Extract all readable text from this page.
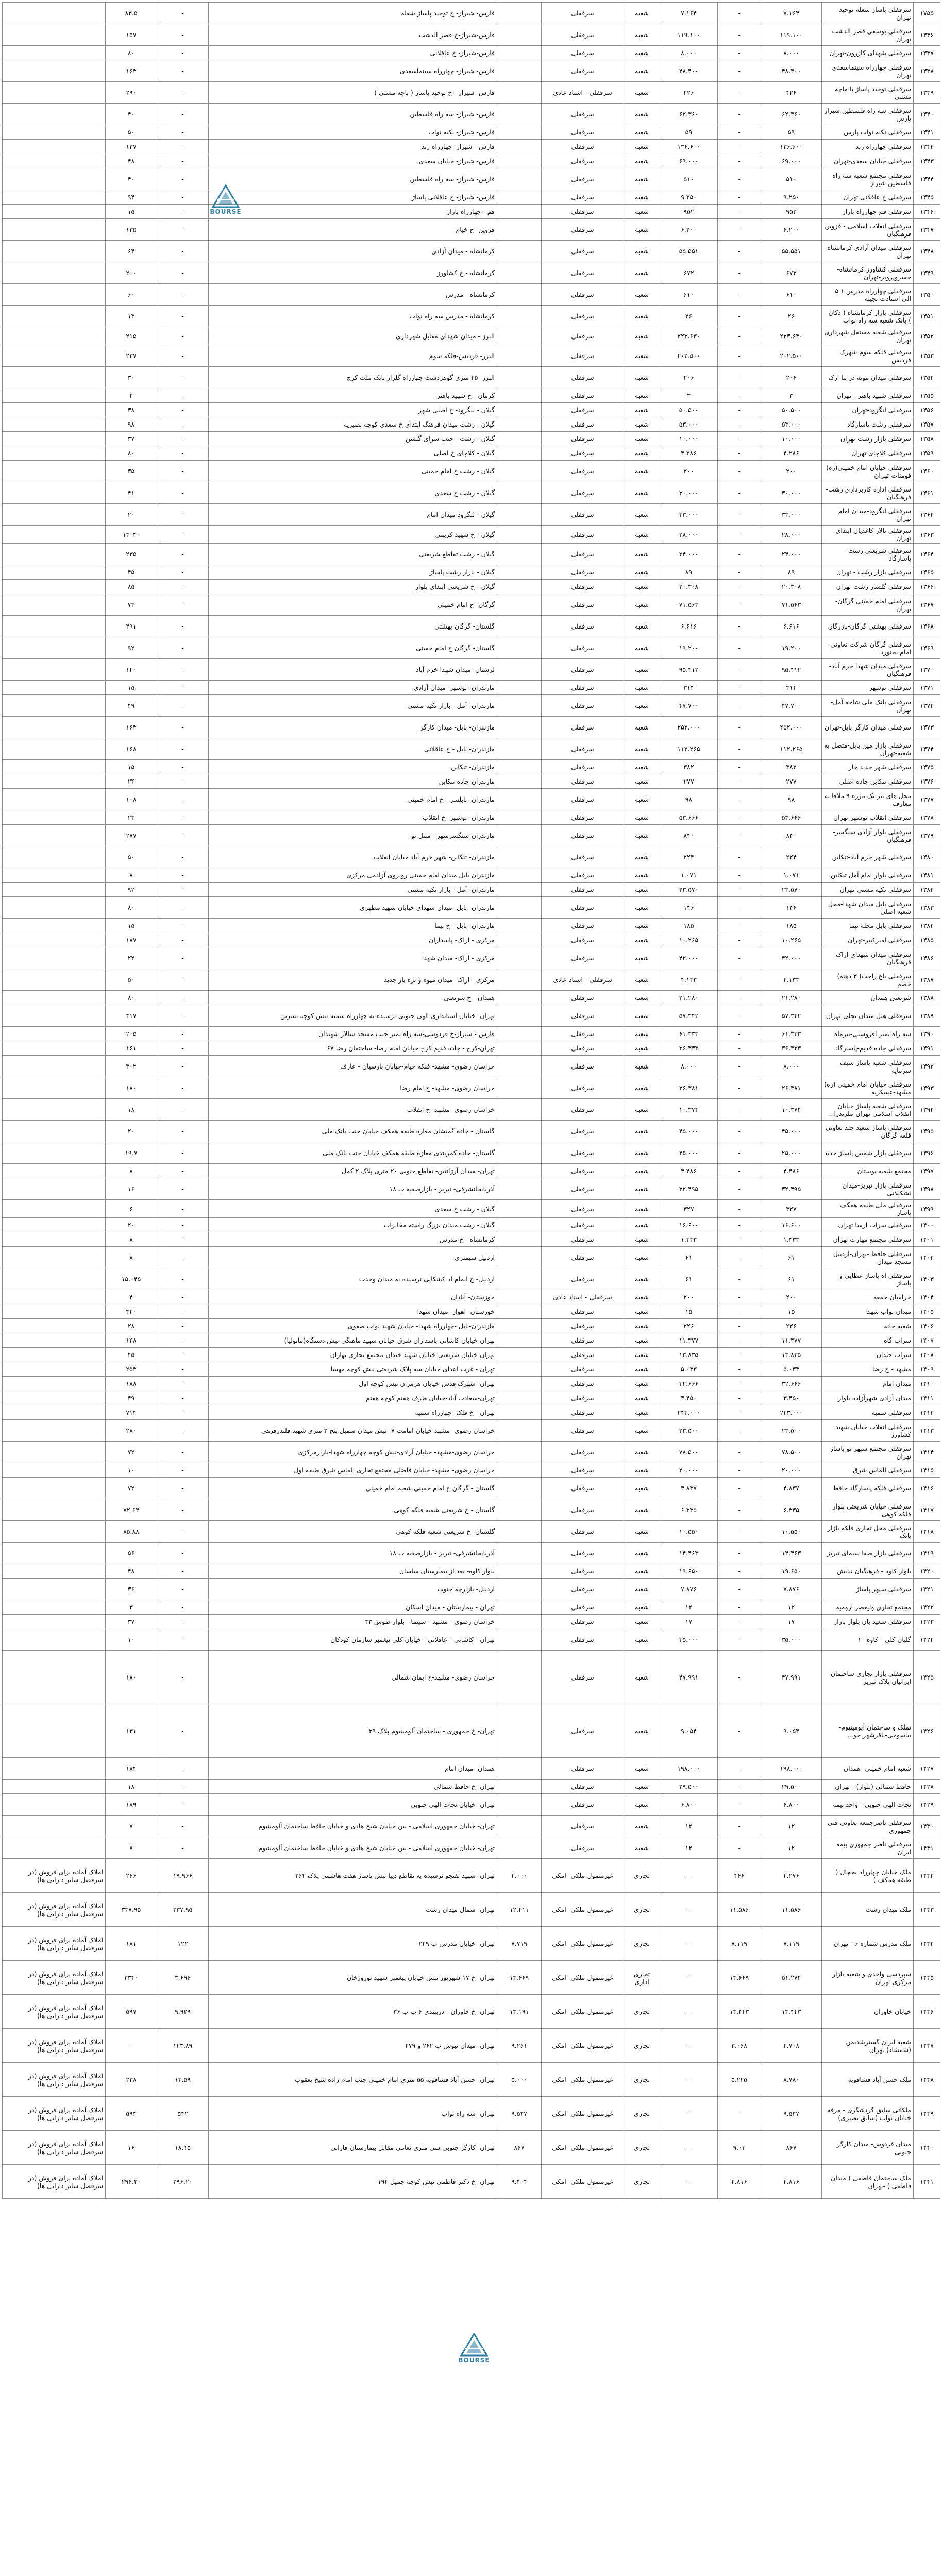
۱۷۵۵	سرقفلی پاساژ شعله-توحید تهران	۷.۱۶۴	-	۷.۱۶۴	شعبه	سرقفلی		فارس- شیراز- خ توحید پاساژ شعله	-	۸۳.۵	
۱۳۳۶	سرقفلی یوسفی قصر الدشت تهران	۱۱۹.۱۰۰	-	۱۱۹.۱۰۰	شعبه	سرقفلی		فارس-شیراز-خ قصر الدشت	-	۱۵۷	
۱۳۳۷	سرقفلی شهدای کازرون-تهران	۸.۰۰۰	-	۸.۰۰۰	شعبه	سرقفلی		فارس-شیراز- خ عاقلانی	-	۸۰	
۱۳۳۸	سرقفلی چهارراه سینماسعدی تهران	۴۸.۴۰۰	-	۴۸.۴۰۰	شعبه	سرقفلی		فارس- شیراز- چهارراه سینماسعدی	-	۱۶۳	
۱۳۳۹	سرقفلی توحید پاساژ با ماچه مشتی	۴۲۶	-	۴۲۶	شعبه	سرقفلی - اسناد عادی		فارس- شیراز - خ توحید پاساژ ( باچه مشتی )	-	۲۹۰	
۱۳۴۰	سرقفلی سه راه فلسطین شیراز پارس	۶۲.۳۶۰	-	۶۲.۳۶۰	شعبه	سرقفلی		فارس- شیراز- سه راه فلسطین	-	۴۰	
۱۳۴۱	سرقفلی نکیه نواب پارس	۵۹	-	۵۹	شعبه	سرقفلی		فارس- شیراز- نکیه نواب	-	۵۰	
۱۳۴۲	سرقفلی چهارراه زند	۱۳۶.۶۰۰	-	۱۳۶.۶۰۰	شعبه	سرقفلی		فارس - شیراز- چهارراه زند	-	۱۳۷	
۱۳۴۳	سرقفلی خیابان سعدی-تهران	۶۹.۰۰۰	-	۶۹.۰۰۰	شعبه	سرقفلی		فارس- شیراز- خیابان سعدی	-	۴۸	
۱۳۴۴	سرقفلی مجتمع شعبه سه راه فلسطین شیراز	۵۱۰	-	۵۱۰	شعبه	سرقفلی		فارس- شیراز- سه راه فلسطین	-	۴۰	
۱۳۴۵	سرقفلی خ عاقلانی تهران	۹.۲۵۰	-	۹.۲۵۰	شعبه	سرقفلی		فارس- شیراز- خ عاقلانی پاساژ	-	۹۴	
۱۳۴۶	سرقفلی قم-چهارراه بازار	۹۵۲	-	۹۵۲	شعبه	سرقفلی		قم - چهارراه بازار	-	۱۵	
۱۳۴۷	سرقفلی انقلاب اسلامی - قزوین فرهنگیان	۶.۲۰۰	-	۶.۲۰۰	شعبه	سرقفلی		قزوین- خ خیام	-	۱۳۵	
۱۳۴۸	سرقفلی میدان آزادی کرمانشاه-تهران	۵۵.۵۵۱	-	۵۵.۵۵۱	شعبه	سرقفلی		کرمانشاه - میدان آزادی	-	۶۴	
۱۳۴۹	سرقفلی کشاورز کرمانشاه-خسروپرویز-تهران	۶۷۲	-	۶۷۲	شعبه	سرقفلی		کرمانشاه - خ کشاورز	-	۲۰۰	
۱۳۵۰	سرقفلی چهارراه مدرس ۱ ۵ الی استادت نجیبه	۶۱۰	-	۶۱۰	شعبه	سرقفلی		کرمانشاه - مدرس	-	۶۰	
۱۳۵۱	سرقفلی بازار کرمانشاه ( دکان ) بانک شعبه سه راه نواب	۲۶	-	۲۶	شعبه	سرقفلی		کرمانشاه - مدرس سه راه نواب	-	۱۳	
۱۳۵۲	سرقفلی شعبه مستقل شهرداری تهران	۲۲۳.۶۳۰	-	۲۲۳.۶۳۰	شعبه	سرقفلی		البرز - میدان شهدای مقابل شهرداری	-	۲۱۵	
۱۳۵۳	سرقفلی فلکه سوم شهرک فردیس	۲۰۲.۵۰۰	-	۲۰۲.۵۰۰	شعبه	سرقفلی		البرز- فردیس-فلکه سوم	-	۲۳۷	
۱۳۵۴	سرقفلی میدان مونه در بنا ارک	۲۰۶	-	۲۰۶	شعبه	سرقفلی		البرز- ۴۵ متری گوهردشت چهارراه گلزار بانک ملت کرج	-	۳۰	
۱۳۵۵	سرقفلی شهید باهنر - تهران	۳	-	۳	شعبه	سرقفلی		کرمان - خ شهید باهنر	-	۲	
۱۳۵۶	سرقفلی لنگرود-تهران	۵۰.۵۰۰	-	۵۰.۵۰۰	شعبه	سرقفلی		گیلان - لنگرود- خ اصلی شهر	-	۳۸	
۱۳۵۷	سرقفلی رشت پاسارگاد	۵۳.۰۰۰	-	۵۳.۰۰۰	شعبه	سرقفلی		گیلان - رشت میدان فرهنگ ابتدای خ سعدی کوچه نصیریه	-	۹۸	
۱۳۵۸	سرقفلی بازار رشت-تهران	۱۰.۰۰۰	-	۱۰.۰۰۰	شعبه	سرقفلی		گیلان - رشت - جنب سرای گلشن	-	۳۷	
۱۳۵۹	سرقفلی کلاچای تهران	۴.۲۸۶	-	۴.۲۸۶	شعبه	سرقفلی		گیلان - کلاچای خ اصلی	-	۸۰	
۱۳۶۰	سرقفلی خیابان امام خمینی(ره) فومنات-تهران	۲۰۰	-	۲۰۰	شعبه	سرقفلی		گیلان - رشت خ امام خمینی	-	۳۵	
۱۳۶۱	سرقفلی اداره کاربرداری رشت-فرهنگیان	۳۰.۰۰۰	-	۳۰.۰۰۰	شعبه	سرقفلی		گیلان - رشت خ سعدی	-	۴۱	
۱۳۶۲	سرقفلی لنگرود-میدان امام تهران	۳۳.۰۰۰	-	۳۳.۰۰۰	شعبه	سرقفلی		گیلان - لنگرود-میدان امام	-	۲۰	
۱۳۶۳	سرقفلی تالار کاغدیان ابتدای تهران	۲۸.۰۰۰	-	۲۸.۰۰۰	شعبه	سرقفلی		گیلان - خ شهید کریمی	-	۱۳۰۳۰	
۱۳۶۴	سرقفلی شریعتی رشت-پاسارگاد	۲۴.۰۰۰	-	۲۴.۰۰۰	شعبه	سرقفلی		گیلان - رشت تقاطع شریعتی	-	۲۳۵	
۱۳۶۵	سرقفلی بازار رشت - تهران	۸۹	-	۸۹	شعبه	سرقفلی		گیلان - بازار رشت پاساژ	-	۴۵	
۱۳۶۶	سرقفلی گلسار رشت-تهران	۲۰.۳۰۸	-	۲۰.۳۰۸	شعبه	سرقفلی		گیلان - خ شریعتی ابتدای بلوار	-	۸۵	
۱۳۶۷	سرقفلی امام خمینی گرگان-تهران	۷۱.۵۶۳	-	۷۱.۵۶۳	شعبه	سرقفلی		گرگان- خ امام خمینی	-	۷۳	
۱۳۶۸	سرقفلی بهشتی گرگان-بازرگان	۶.۶۱۶	-	۶.۶۱۶	شعبه	سرقفلی		گلستان- گرگان بهشتی	-	۴۹۱	
۱۳۶۹	سرقفلی گرگان شرکت تعاونی-امام بجنورد	۱۹.۲۰۰	-	۱۹.۲۰۰	شعبه	سرقفلی		گلستان- گرگان خ امام خمینی	-	۹۲	
۱۳۷۰	سرقفلی میدان شهدا خرم آباد-فرهنگیان	۹۵.۴۱۲	-	۹۵.۴۱۲	شعبه	سرقفلی		لرستان- میدان شهدا خرم آباد	-	۱۴۰	
۱۳۷۱	سرقفلی نوشهر	۳۱۴	-	۳۱۴	شعبه	سرقفلی		مازندران- نوشهر- میدان آزادی	-	۱۵	
۱۳۷۲	سرقفلی بانک ملی شاخه آمل- تهران	۴۷.۷۰۰	-	۴۷.۷۰۰	شعبه	سرقفلی		مازندران- آمل - بازار تکیه مشتی	-	۴۹	
۱۳۷۳	سرقفلی میدان کارگر بابل-تهران	۲۵۲.۰۰۰	-	۲۵۲.۰۰۰	شعبه	سرقفلی		مازندران- بابل- میدان کارگر	-	۱۶۳	
۱۳۷۴	سرقفلی بازار مین بابل-متصل به شعبه-تهران	۱۱۲.۲۶۵	-	۱۱۲.۲۶۵	شعبه	سرقفلی		مازندران- بابل - خ عاقلانی	-	۱۶۸	
۱۳۷۵	سرقفلی شهر جدید خار	۳۸۲	-	۳۸۲	شعبه	سرقفلی		مازندران- تنکابن	-	۱۵	
۱۳۷۶	سرقفلی تنکابن جاده اصلی	۲۷۷	-	۲۷۷	شعبه	سرقفلی		مازندران-جاده تنکابن	-	۲۴	
۱۳۷۷	محل های نیز نک مزره ۹ ملاقا به معارف	۹۸	-	۹۸	شعبه	سرقفلی		مازندران- بابلسر - خ امام خمینی	-	۱۰۸	
۱۳۷۸	سرقفلی انقلاب نوشهر-تهران	۵۳.۶۶۶	-	۵۳.۶۶۶	شعبه	سرقفلی		مازندران- نوشهر- خ انقلاب	-	۲۳	
۱۳۷۹	سرقفلی بلوار آزادی سنگسر-فرهنگیان	۸۴۰	-	۸۴۰	شعبه	سرقفلی		مازندران-سنگسرشهر - منتل نو	-	۲۷۷	
۱۳۸۰	سرقفلی شهر خرم آباد-تنکابن	۲۲۴	-	۲۲۴	شعبه	سرقفلی		مازندران- تنکابن- شهر خرم آباد خیابان انقلاب	-	۵۰	
۱۳۸۱	سرقفلی بلوار امام آمل تنکابن	۱.۰۷۱	-	۱.۰۷۱	شعبه	سرقفلی		مازندران بابل میدان امام خمینی روبروی آزادمی مرکزی	-	۸	
۱۳۸۲	سرقفلی تکیه مشتی-تهران	۲۳.۵۷۰	-	۲۳.۵۷۰	شعبه	سرقفلی		مازندران- آمل - بازار تکیه مشتی	-	۹۲	
۱۳۸۳	سرقفلی بابل میدان شهدا-محل شعبه اصلی	۱۴۶	-	۱۴۶	شعبه	سرقفلی		مازندران- بابل- میدان شهدای خیابان شهید مطهری	-	۸۰	
۱۳۸۴	سرقفلی بابل محله نیما	۱۸۵	-	۱۸۵	شعبه	سرقفلی		مازندران- بابل - خ نیما	-	۱۵	
۱۳۸۵	سرقفلی امیرکبیر-تهران	۱۰.۲۶۵	-	۱۰.۲۶۵	شعبه	سرقفلی		مرکزی - اراک- پاسداران	-	۱۸۷	
۱۳۸۶	سرقفلی میدان شهدای اراک-فرهنگیان	۴۲.۰۰۰	-	۴۲.۰۰۰	شعبه	سرقفلی		مرکزی - اراک- میدان شهدا	-	۲۲	
۱۳۸۷	سرقفلی باغ راحت( ۳ دهنه) خصم	۴.۱۳۳	-	۴.۱۳۳	شعبه	سرقفلی - اسناد عادی		مرکزی - اراک- میدان میوه و تره بار جدید	-	۵۰	
۱۳۸۸	شریعتی-همدان	۲۱.۲۸۰	-	۲۱.۲۸۰	شعبه	سرقفلی		همدان - خ شریعتی	-	۸۰	
۱۳۸۹	سرقفلی هتل میدان تجلی-تهران	۵۷.۳۴۲	-	۵۷.۳۴۲	شعبه	سرقفلی		تهران- خیابان استانداری الهی جنوبی-نرسیده به چهارراه سمیه-نبش کوچه تسرین	-	۳۱۷	
۱۳۹۰	سه راه نمیر افروسبی-تیرماه	۶۱.۳۳۳	-	۶۱.۳۳۳	شعبه	سرقفلی		فارس - شیراز-خ فردوسی-سه راه نمیر جنب مسجد سالار شهیدان	-	۲۰۵	
۱۳۹۱	سرقفلی جاده قدیم-پاسارگاد	۳۶.۳۳۳	-	۳۶.۳۳۳	شعبه	سرقفلی		تهران-کرج - جاده قدیم کرج خیابان امام رضا- ساختمان رضا ۶۷	-	۱۶۱	
۱۳۹۲	سرقفلی شعبه پاساژ سیف سرمایه	۸.۰۰۰	-	۸.۰۰۰	شعبه	سرقفلی		خراسان رضوی- مشهد- فلکه خیام-خیابان بارسیان - عارف	-	۳۰۲	
۱۳۹۳	سرقفلی خیابان امام خمینی (ره) مشهد-عسکریه	۲۶.۳۸۱	-	۲۶.۳۸۱	شعبه	سرقفلی		خراسان رضوی- مشهد- خ امام رضا	-	۱۸۰	
۱۳۹۴	سرقفلی شعبه پاساژ خیابان انقلاب اسلامی تهران-ملزندرا...	۱۰.۳۷۴	-	۱۰.۳۷۴	شعبه	سرقفلی		خراسان رضوی- مشهد- خ انقلاب	-	۱۸	
۱۳۹۵	سرقفلی پاساژ سعید جلد تعاونی قلعه گرگان	۴۵.۰۰۰	-	۴۵.۰۰۰	شعبه	سرقفلی		گلستان - جاده گمیشان مغازه طبقه همکف خیابان جنب بانک ملی	-	۲۰	
۱۳۹۶	سرقفلی بازار شمس پاساژ جدید	۲۵.۰۰۰	-	۲۵.۰۰۰	شعبه	سرقفلی		گلستان- جاده کمربندی مغازه طبقه همکف خیابان جنب بانک ملی	-	۱۹.۷	
۱۳۹۷	مجتمع شعبه بوستان	۴.۴۸۶	-	۴.۴۸۶	شعبه	سرقفلی		تهران- میدان آرژانتین- تقاطع جنوبی ۲۰ متری پلاک ۲ کمل	-	۸	
۱۳۹۸	سرقفلی بازار تبریز-میدان تشکیلاتی	۳۲.۴۹۵	-	۳۲.۴۹۵	شعبه	سرقفلی		آذربایجانشرقی- تبریز - بازارصفیه ب ۱۸	-	۱۶	
۱۳۹۹	سرقفلی ملی طبقه همکف پاساژ	۳۲۷	-	۳۲۷	شعبه	سرقفلی		گیلان - رشت خ سعدی	-	۶	
۱۴۰۰	سرقفلی سراب ارسا تهران	۱۶.۶۰۰	-	۱۶.۶۰۰	شعبه	سرقفلی		گیلان - رشت میدان بزرگ راسته مخابرات	-	۲۰	
۱۴۰۱	سرقفلی مجتمع مهارت تهران	۱.۳۳۳	-	۱.۳۳۳	شعبه	سرقفلی		کرمانشاه - خ مدرس	-	۸	
۱۴۰۲	سرقفلی حافظ -تهران-اردبیل مسجد میدان	۶۱	-	۶۱	شعبه	سرقفلی		اردبیل سیمتری	-	۸	
۱۴۰۳	سرقفلی اه پاساژ عطایی و پاساژ	۶۱	-	۶۱	شعبه	سرقفلی		اردبیل- خ ایمام اه کشکایی نرسیده به میدان وحدت	-	۱۵.۰۴۵	
۱۴۰۴	خراسان جمعه	۲۰۰	-	۲۰۰	شعبه	سرقفلی - اسناد عادی		خوزستان- آبادان	-	۴	
۱۴۰۵	میدان نواب شهدا	۱۵	-	۱۵	شعبه	سرقفلی		خوزستان- اهواز- میدان شهدا	-	۳۴۰	
۱۴۰۶	شعبه خانه	۲۲۶	-	۲۲۶	شعبه	سرقفلی		مازندران-بابل -چهارراه شهدا- خیابان شهید نواب صفوی	-	۲۸	
۱۴۰۷	سراب گاه	۱۱.۳۷۷	-	۱۱.۳۷۷	شعبه	سرقفلی		تهران-خیابان کاشانی-پاسداران شرق-خیابان شهید ماهنگی-نبش دستگاه(مانولیا)	-	۱۴۸	
۱۴۰۸	سراب خندان	۱۳.۸۳۵	-	۱۳.۸۳۵	شعبه	سرقفلی		تهران-خیابان شریعتی-خیابان شهید خندان-مجتمع تجاری بهاران	-	۴۵	
۱۴۰۹	مشهد - خ رضا	۵.۰۳۳	-	۵.۰۳۳	شعبه	سرقفلی		تهران - غرب ابتدای خیابان سه پلاک شریعتی نبش کوچه مهسا	-	۲۵۳	
۱۴۱۰	میدان امام	۳۲.۶۶۶	-	۳۲.۶۶۶	شعبه	سرقفلی		تهران- شهرک قدس-خیابان هرمزان نبش کوچه اول	-	۱۸۸	
۱۴۱۱	میدان آزادی شهرآزاده بلوار	۳.۴۵۰	-	۳.۴۵۰	شعبه	سرقفلی		تهران-سعادت آباد-خیابان طرف هفتم کوچه هفتم	-	۴۹	
۱۴۱۲	سرقفلی سمیه	۲۴۳.۰۰۰	-	۲۴۳.۰۰۰	شعبه	سرقفلی		تهران - خ فلک- چهارراه سمیه	-	۷۱۴	
۱۴۱۳	سرقفلی انقلاب خیابان شهید کشاورز	۲۳.۵۰۰	-	۲۳.۵۰۰	شعبه	سرقفلی		خراسان رضوی- مشهد-خیابان امامت ۷- نبش میدان سمبل پنج ۲ متری شهید قلندرفرهی	-	۲۸۰	
۱۴۱۴	سرقفلی مجتمع سپهر نو پاساژ تهران	۷۸.۵۰۰	-	۷۸.۵۰۰	شعبه	سرقفلی		خراسان رضوی-مشهد- خیابان آزادی-نبش کوچه چهارراه شهدا-بازارمرکزی	-	۷۲	
۱۴۱۵	سرقفلی الماس شرق	۲۰.۰۰۰	-	۲۰.۰۰۰	شعبه	سرقفلی		خراسان رضوی- مشهد- خیابان فاضلی مجتمع تجاری الماس شرق طبقه اول	-	۱۰	
۱۴۱۶	سرقفلی فلکه پاسارگاد حافظ	۴.۸۳۷	-	۴.۸۳۷	شعبه	سرقفلی		گلستان - گرگان خ امام خمینی شعبه امام خمینی	-	۷۲	
۱۴۱۷	سرقفلی خیابان شریعتی بلوار فلکه کوهی	۶.۳۳۵	-	۶.۳۳۵	شعبه	سرقفلی		گلستان - خ شریعتی شعبه فلکه کوهی	-	۷۲.۶۴	
۱۴۱۸	سرقفلی محل تجاری فلکه بازار بانک	۱۰.۵۵۰	-	۱۰.۵۵۰	شعبه	سرقفلی		گلستان- خ شریعتی شعبه فلکه کوهی	-	۸۵.۸۸	
۱۴۱۹	سرقفلی بازار صفا سیمای تبریز	۱۴.۴۶۳	-	۱۴.۴۶۳	شعبه	سرقفلی		آذربایجانشرقی- تبریز - بازارصفیه ب ۱۸	-	۵۶	
۱۴۲۰	بلوار کاوه - فرهنگیان نیایش	۱۹.۶۵۰	-	۱۹.۶۵۰	شعبه	سرقفلی		بلوار کاوه- بعد از بیمارستان ساسان	-	۴۸	
۱۴۲۱	سرقفلی سپهر پاساژ	۷.۸۷۶	-	۷.۸۷۶	شعبه	سرقفلی		اردبیل- بازارچه جنوب	-	۳۶	
۱۴۲۲	مجتمع تجاری ولیعصر ارومیه	۱۲	-	۱۲	شعبه	سرقفلی		تهران - بیمارستان - میدان اسکان	-	۳	
۱۴۲۳	سرقفلی سعید بان بلوار بازار	۱۷	-	۱۷	شعبه	سرقفلی		خراسان رضوی - مشهد - سینما - بلوار طوس ۳۳	-	۳۷	
۱۴۲۴	گلبان کلی - کاوه ۱۰	۳۵.۰۰۰	-	۳۵.۰۰۰	شعبه	سرقفلی		تهران - کاشانی - عاقلانی - خیابان کلی پیغمبر سازمان کودکان	-	۱۰	
۱۴۲۵	سرقفلی بازار تجاری ساختمان ایرانیان پلاک-تبریز	۴۷.۹۹۱	-	۴۷.۹۹۱	شعبه	سرقفلی		خراسان رضوی- مشهد-خ ایمان شمالی	-	۱۸۰	
۱۴۲۶	تملک و ساختمان آپومینیوم-بیاسوجی-باقرشهر جو...	۹.۰۵۴	-	۹.۰۵۴	شعبه	سرقفلی		تهران- خ جمهوری - ساختمان آلومینیوم پلاک ۳۹	-	۱۳۱	
۱۴۲۷	شعبه امام خمینی- همدان	۱۹۸.۰۰۰	-	۱۹۸.۰۰۰	شعبه	سرقفلی		همدان- میدان امام	-	۱۸۴	
۱۴۲۸	حافظ شمالی (بلوار) - تهران	۲۹.۵۰۰	-	۲۹.۵۰۰	شعبه	سرقفلی		تهران- خ حافظ شمالی	-	۱۸	
۱۴۲۹	نجات الهی جنوبی - واحد بیمه	۶.۸۰۰	-	۶.۸۰۰	شعبه	سرقفلی		تهران- خیابان نجات الهی جنوبی	-	۱۸۹	
۱۴۳۰	سرقفلی ناصرجمعه تعاونی فنی جمهوری	۱۲	-	۱۲	شعبه	سرقفلی		تهران- خیابان جمهوری اسلامی - بین خیابان شیخ هادی و خیابان حافظ ساختمان آلومینیوم	-	۷	
۱۴۳۱	سرقفلی ناصر جمهوری بیمه ایران	۱۲	-	۱۲	شعبه	سرقفلی		تهران- خیابان جمهوری اسلامی - بین خیابان شیخ هادی و خیابان حافظ ساختمان آلومینیوم	-	۷	
۱۴۳۲	ملک خیابان چهارراه یخچال ( طبقه همکف )	۴.۲۷۶	۴۶۶	-	تجاری	غیرمتمول ملکی -امکی	۴.۰۰۰	تهران- شهید تفنجو نرسیده به تقاطع دیبا نبش پاساژ هفت هاشمی پلاک ۲۶۲	۱۹.۹۶۶	۲۶۶	املاک آماده برای فروش (در سرفصل سایر دارایی ها)
۱۴۳۳	ملک میدان رشت	۱۱.۵۸۶	۱۱.۵۸۶	-	تجاری	غیرمتمول ملکی -امکی	۱۲.۴۱۱	تهران- شمال میدان رشت	۲۳۷.۹۵	۳۳۷.۹۵	املاک آماده برای فروش (در سرفصل سایر دارایی ها)
۱۴۳۴	ملک مدرس شماره ۶ - تهران	۷.۱۱۹	۷.۱۱۹	-	تجاری	غیرمتمول ملکی -امکی	۷.۷۱۹	تهران- خیابان مدرس پ ۲۲۹	۱۲۲	۱۸۱	املاک آماده برای فروش (در سرفصل سایر دارایی ها)
۱۴۳۵	سپردسی واحدی و شعبه بازار مرکزی-تهران	۵۱.۲۷۴	۱۳.۶۶۹	-	تجاری اداری	غیرمتمول ملکی -امکی	۱۳.۶۶۹	تهران- خ ۱۷ شهریور نبش خیابان پیغمبر شهید نوروزخان	۳.۶۹۶	۳۳۴۰	املاک آماده برای فروش (در سرفصل سایر دارایی ها)
۱۴۳۶	خیابان خاوران	۱۳.۴۴۳	۱۳.۴۴۳	-	تجاری	غیرمتمول ملکی -امکی	۱۳.۱۹۱	تهران- خ خاوران - درببندی ۶ ب ب ۳۶	۹.۹۲۹	۵۹۷	املاک آماده برای فروش (در سرفصل سایر دارایی ها)
۱۴۳۷	شعبه ایران گسترشدیمن (شمشاد)-تهران	۲.۷۰۸	۳.۰۶۸	-	تجاری	غیرمتمول ملکی -امکی	۹.۲۶۱	تهران- میدان نبوش ب ۲۶۲ و ۲۷۹	۱۲۳.۸۹	-	املاک آماده برای فروش (در سرفصل سایر دارایی ها)
۱۴۳۸	ملک حسن آباد فشافویه	۸.۷۸۰	۵.۲۲۵	-	تجاری	غیرمتمول ملکی -امکی	۵.۰۰۰	تهران- حسن آباد فشافویه ۵۵ متری امام خمینی جنب امام زاده شیخ یعقوب	۱۳.۵۹	۲۳۸	املاک آماده برای فروش (در سرفصل سایر دارایی ها)
۱۴۳۹	ملکاتی سابق گردشگری - مرفه خیابان نواب (سابق نصیری)	۹.۵۴۷	-	-	تجاری	غیرمتمول ملکی -امکی	۹.۵۴۷	تهران- سه راه نواب	۵۴۲	۵۹۳	املاک آماده برای فروش (در سرفصل سایر دارایی ها)
۱۴۴۰	میدان فردوس- میدان کارگر جنوبی	۸۶۷	۹.۰۳	-	تجاری	غیرمتمول ملکی -امکی	۸۶۷	تهران- کارگر جنوبی سی متری نعامی مقابل بیمارستان قارابی	۱۸.۱۵	۱۶	املاک آماده برای فروش (در سرفصل سایر دارایی ها)
۱۴۴۱	ملک ساختمان فاطمی ( میدان فاطمی ) -تهران	۴.۸۱۶	۴.۸۱۶	-	تجاری	غیرمتمول ملکی -امکی	۹.۴۰۴	تهران- خ دکتر فاطمی نبش کوچه جمیل ۱۹۴	۲۹۶.۲۰	۲۹۶.۲۰	املاک آماده برای فروش (در سرفصل سایر دارایی ها)
BOURSE
BOURSE
